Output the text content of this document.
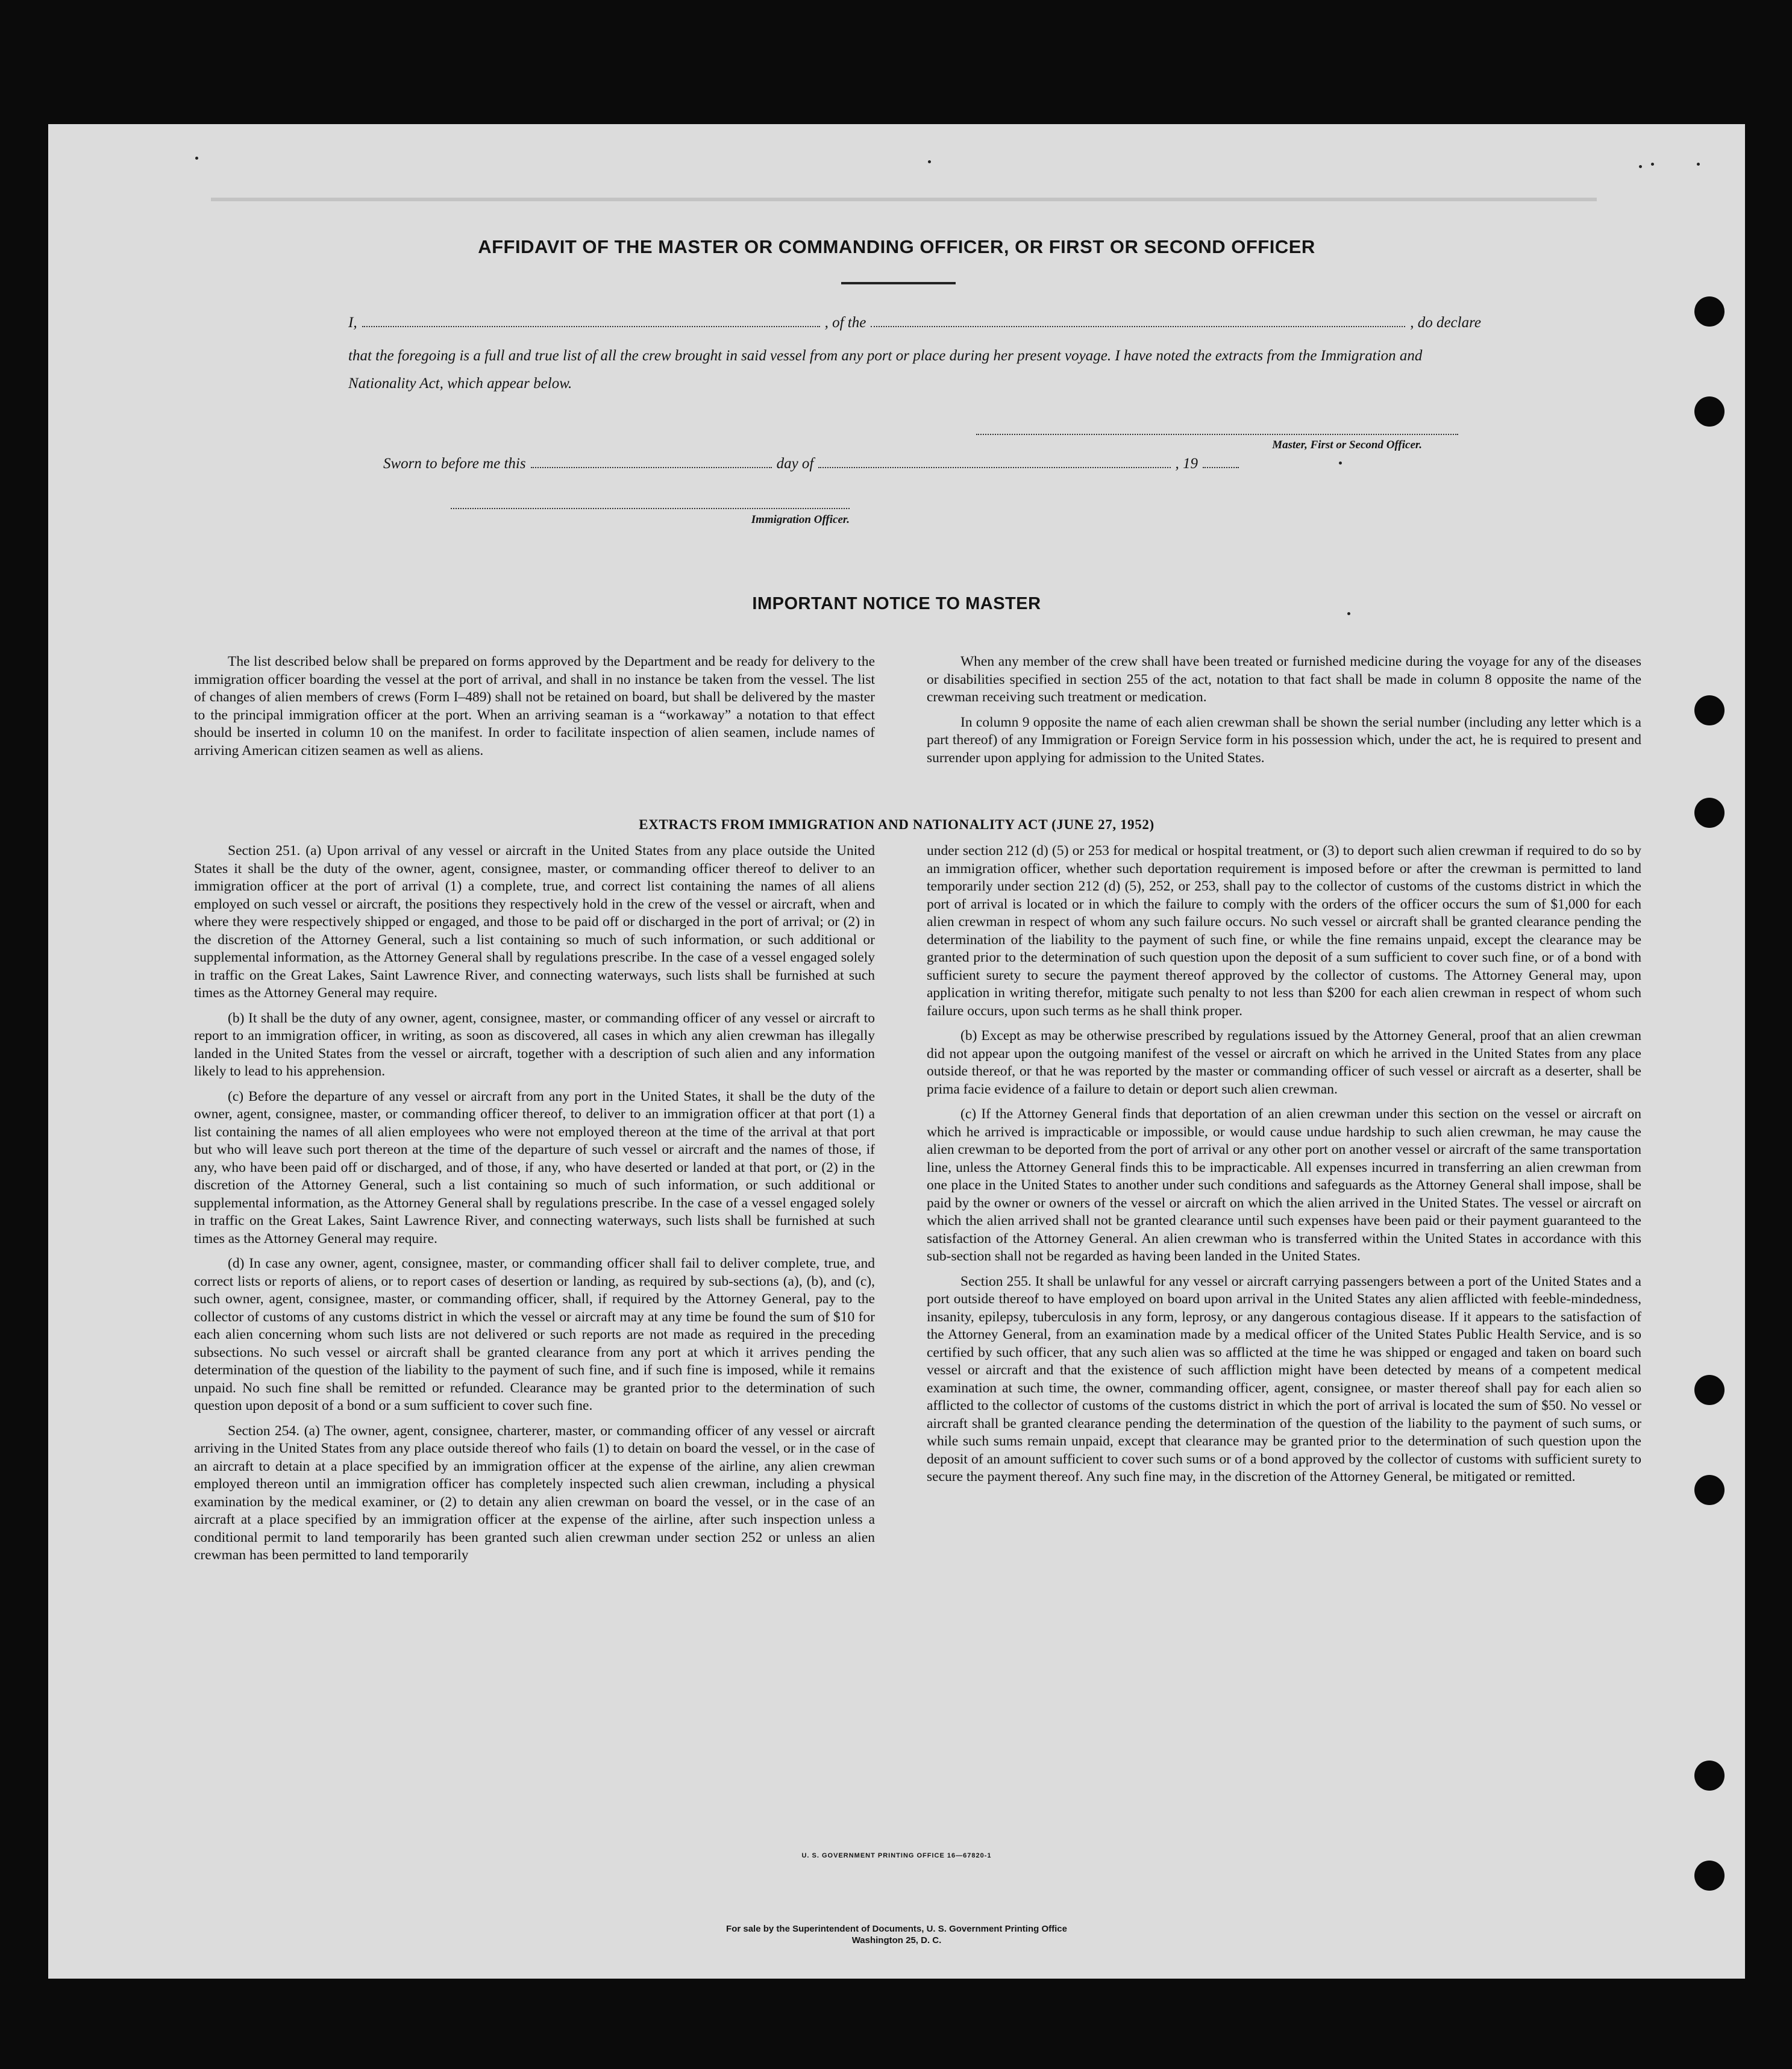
AFFIDAVIT OF THE MASTER OR COMMANDING OFFICER, OR FIRST OR SECOND OFFICER
I,	, of the	, do declare
that the foregoing is a full and true list of all the crew brought in said vessel from any port or place during her present voyage. I have noted the extracts from the Immigration and Nationality Act, which appear below.
Master, First or Second Officer.
Sworn to before me this	day of	, 19
Immigration Officer.
IMPORTANT NOTICE TO MASTER

The list described below shall be prepared on forms approved by the Department and be ready for delivery to the immigration officer boarding the vessel at the port of arrival, and shall in no instance be taken from the vessel. The list of changes of alien members of crews (Form I–489) shall not be retained on board, but shall be delivered by the master to the principal immigration officer at the port. When an arriving seaman is a “workaway” a notation to that effect should be inserted in column 10 on the manifest. In order to facilitate inspection of alien seamen, include names of arriving American citizen seamen as well as aliens.

When any member of the crew shall have been treated or furnished medicine during the voyage for any of the diseases or disabilities specified in section 255 of the act, notation to that fact shall be made in column 8 opposite the name of the crewman receiving such treatment or medication.

In column 9 opposite the name of each alien crewman shall be shown the serial number (including any letter which is a part thereof) of any Immigration or Foreign Service form in his possession which, under the act, he is required to present and surrender upon applying for admission to the United States.

EXTRACTS FROM IMMIGRATION AND NATIONALITY ACT (JUNE 27, 1952)

Section 251. (a) Upon arrival of any vessel or aircraft in the United States from any place outside the United States it shall be the duty of the owner, agent, consignee, master, or commanding officer thereof to deliver to an immigration officer at the port of arrival (1) a complete, true, and correct list containing the names of all aliens employed on such vessel or aircraft, the positions they respectively hold in the crew of the vessel or aircraft, when and where they were respectively shipped or engaged, and those to be paid off or discharged in the port of arrival; or (2) in the discretion of the Attorney General, such a list containing so much of such information, or such additional or supplemental information, as the Attorney General shall by regulations prescribe. In the case of a vessel engaged solely in traffic on the Great Lakes, Saint Lawrence River, and connecting waterways, such lists shall be furnished at such times as the Attorney General may require.

(b) It shall be the duty of any owner, agent, consignee, master, or commanding officer of any vessel or aircraft to report to an immigration officer, in writing, as soon as discovered, all cases in which any alien crewman has illegally landed in the United States from the vessel or aircraft, together with a description of such alien and any information likely to lead to his apprehension.

(c) Before the departure of any vessel or aircraft from any port in the United States, it shall be the duty of the owner, agent, consignee, master, or commanding officer thereof, to deliver to an immigration officer at that port (1) a list containing the names of all alien employees who were not employed thereon at the time of the arrival at that port but who will leave such port thereon at the time of the departure of such vessel or aircraft and the names of those, if any, who have been paid off or discharged, and of those, if any, who have deserted or landed at that port, or (2) in the discretion of the Attorney General, such a list containing so much of such information, or such additional or supplemental information, as the Attorney General shall by regulations prescribe. In the case of a vessel engaged solely in traffic on the Great Lakes, Saint Lawrence River, and connecting waterways, such lists shall be furnished at such times as the Attorney General may require.

(d) In case any owner, agent, consignee, master, or commanding officer shall fail to deliver complete, true, and correct lists or reports of aliens, or to report cases of desertion or landing, as required by sub-sections (a), (b), and (c), such owner, agent, consignee, master, or commanding officer, shall, if required by the Attorney General, pay to the collector of customs of any customs district in which the vessel or aircraft may at any time be found the sum of $10 for each alien concerning whom such lists are not delivered or such reports are not made as required in the preceding subsections. No such vessel or aircraft shall be granted clearance from any port at which it arrives pending the determination of the question of the liability to the payment of such fine, and if such fine is imposed, while it remains unpaid. No such fine shall be remitted or refunded. Clearance may be granted prior to the determination of such question upon deposit of a bond or a sum sufficient to cover such fine.

Section 254. (a) The owner, agent, consignee, charterer, master, or commanding officer of any vessel or aircraft arriving in the United States from any place outside thereof who fails (1) to detain on board the vessel, or in the case of an aircraft to detain at a place specified by an immigration officer at the expense of the airline, any alien crewman employed thereon until an immigration officer has completely inspected such alien crewman, including a physical examination by the medical examiner, or (2) to detain any alien crewman on board the vessel, or in the case of an aircraft at a place specified by an immigration officer at the expense of the airline, after such inspection unless a conditional permit to land temporarily has been granted such alien crewman under section 252 or unless an alien crewman has been permitted to land temporarily

under section 212 (d) (5) or 253 for medical or hospital treatment, or (3) to deport such alien crewman if required to do so by an immigration officer, whether such deportation requirement is imposed before or after the crewman is permitted to land temporarily under section 212 (d) (5), 252, or 253, shall pay to the collector of customs of the customs district in which the port of arrival is located or in which the failure to comply with the orders of the officer occurs the sum of $1,000 for each alien crewman in respect of whom any such failure occurs. No such vessel or aircraft shall be granted clearance pending the determination of the liability to the payment of such fine, or while the fine remains unpaid, except the clearance may be granted prior to the determination of such question upon the deposit of a sum sufficient to cover such fine, or of a bond with sufficient surety to secure the payment thereof approved by the collector of customs. The Attorney General may, upon application in writing therefor, mitigate such penalty to not less than $200 for each alien crewman in respect of whom such failure occurs, upon such terms as he shall think proper.

(b) Except as may be otherwise prescribed by regulations issued by the Attorney General, proof that an alien crewman did not appear upon the outgoing manifest of the vessel or aircraft on which he arrived in the United States from any place outside thereof, or that he was reported by the master or commanding officer of such vessel or aircraft as a deserter, shall be prima facie evidence of a failure to detain or deport such alien crewman.

(c) If the Attorney General finds that deportation of an alien crewman under this section on the vessel or aircraft on which he arrived is impracticable or impossible, or would cause undue hardship to such alien crewman, he may cause the alien crewman to be deported from the port of arrival or any other port on another vessel or aircraft of the same transportation line, unless the Attorney General finds this to be impracticable. All expenses incurred in transferring an alien crewman from one place in the United States to another under such conditions and safeguards as the Attorney General shall impose, shall be paid by the owner or owners of the vessel or aircraft on which the alien arrived in the United States. The vessel or aircraft on which the alien arrived shall not be granted clearance until such expenses have been paid or their payment guaranteed to the satisfaction of the Attorney General. An alien crewman who is transferred within the United States in accordance with this sub-section shall not be regarded as having been landed in the United States.

Section 255. It shall be unlawful for any vessel or aircraft carrying passengers between a port of the United States and a port outside thereof to have employed on board upon arrival in the United States any alien afflicted with feeble-mindedness, insanity, epilepsy, tuberculosis in any form, leprosy, or any dangerous contagious disease. If it appears to the satisfaction of the Attorney General, from an examination made by a medical officer of the United States Public Health Service, and is so certified by such officer, that any such alien was so afflicted at the time he was shipped or engaged and taken on board such vessel or aircraft and that the existence of such affliction might have been detected by means of a competent medical examination at such time, the owner, commanding officer, agent, consignee, or master thereof shall pay for each alien so afflicted to the collector of customs of the customs district in which the port of arrival is located the sum of $50. No vessel or aircraft shall be granted clearance pending the determination of the question of the liability to the payment of such sums, or while such sums remain unpaid, except that clearance may be granted prior to the determination of such question upon the deposit of an amount sufficient to cover such sums or of a bond approved by the collector of customs with sufficient surety to secure the payment thereof. Any such fine may, in the discretion of the Attorney General, be mitigated or remitted.

U. S. GOVERNMENT PRINTING OFFICE 16—67820-1
For sale by the Superintendent of Documents, U. S. Government Printing Office
Washington 25, D. C.
